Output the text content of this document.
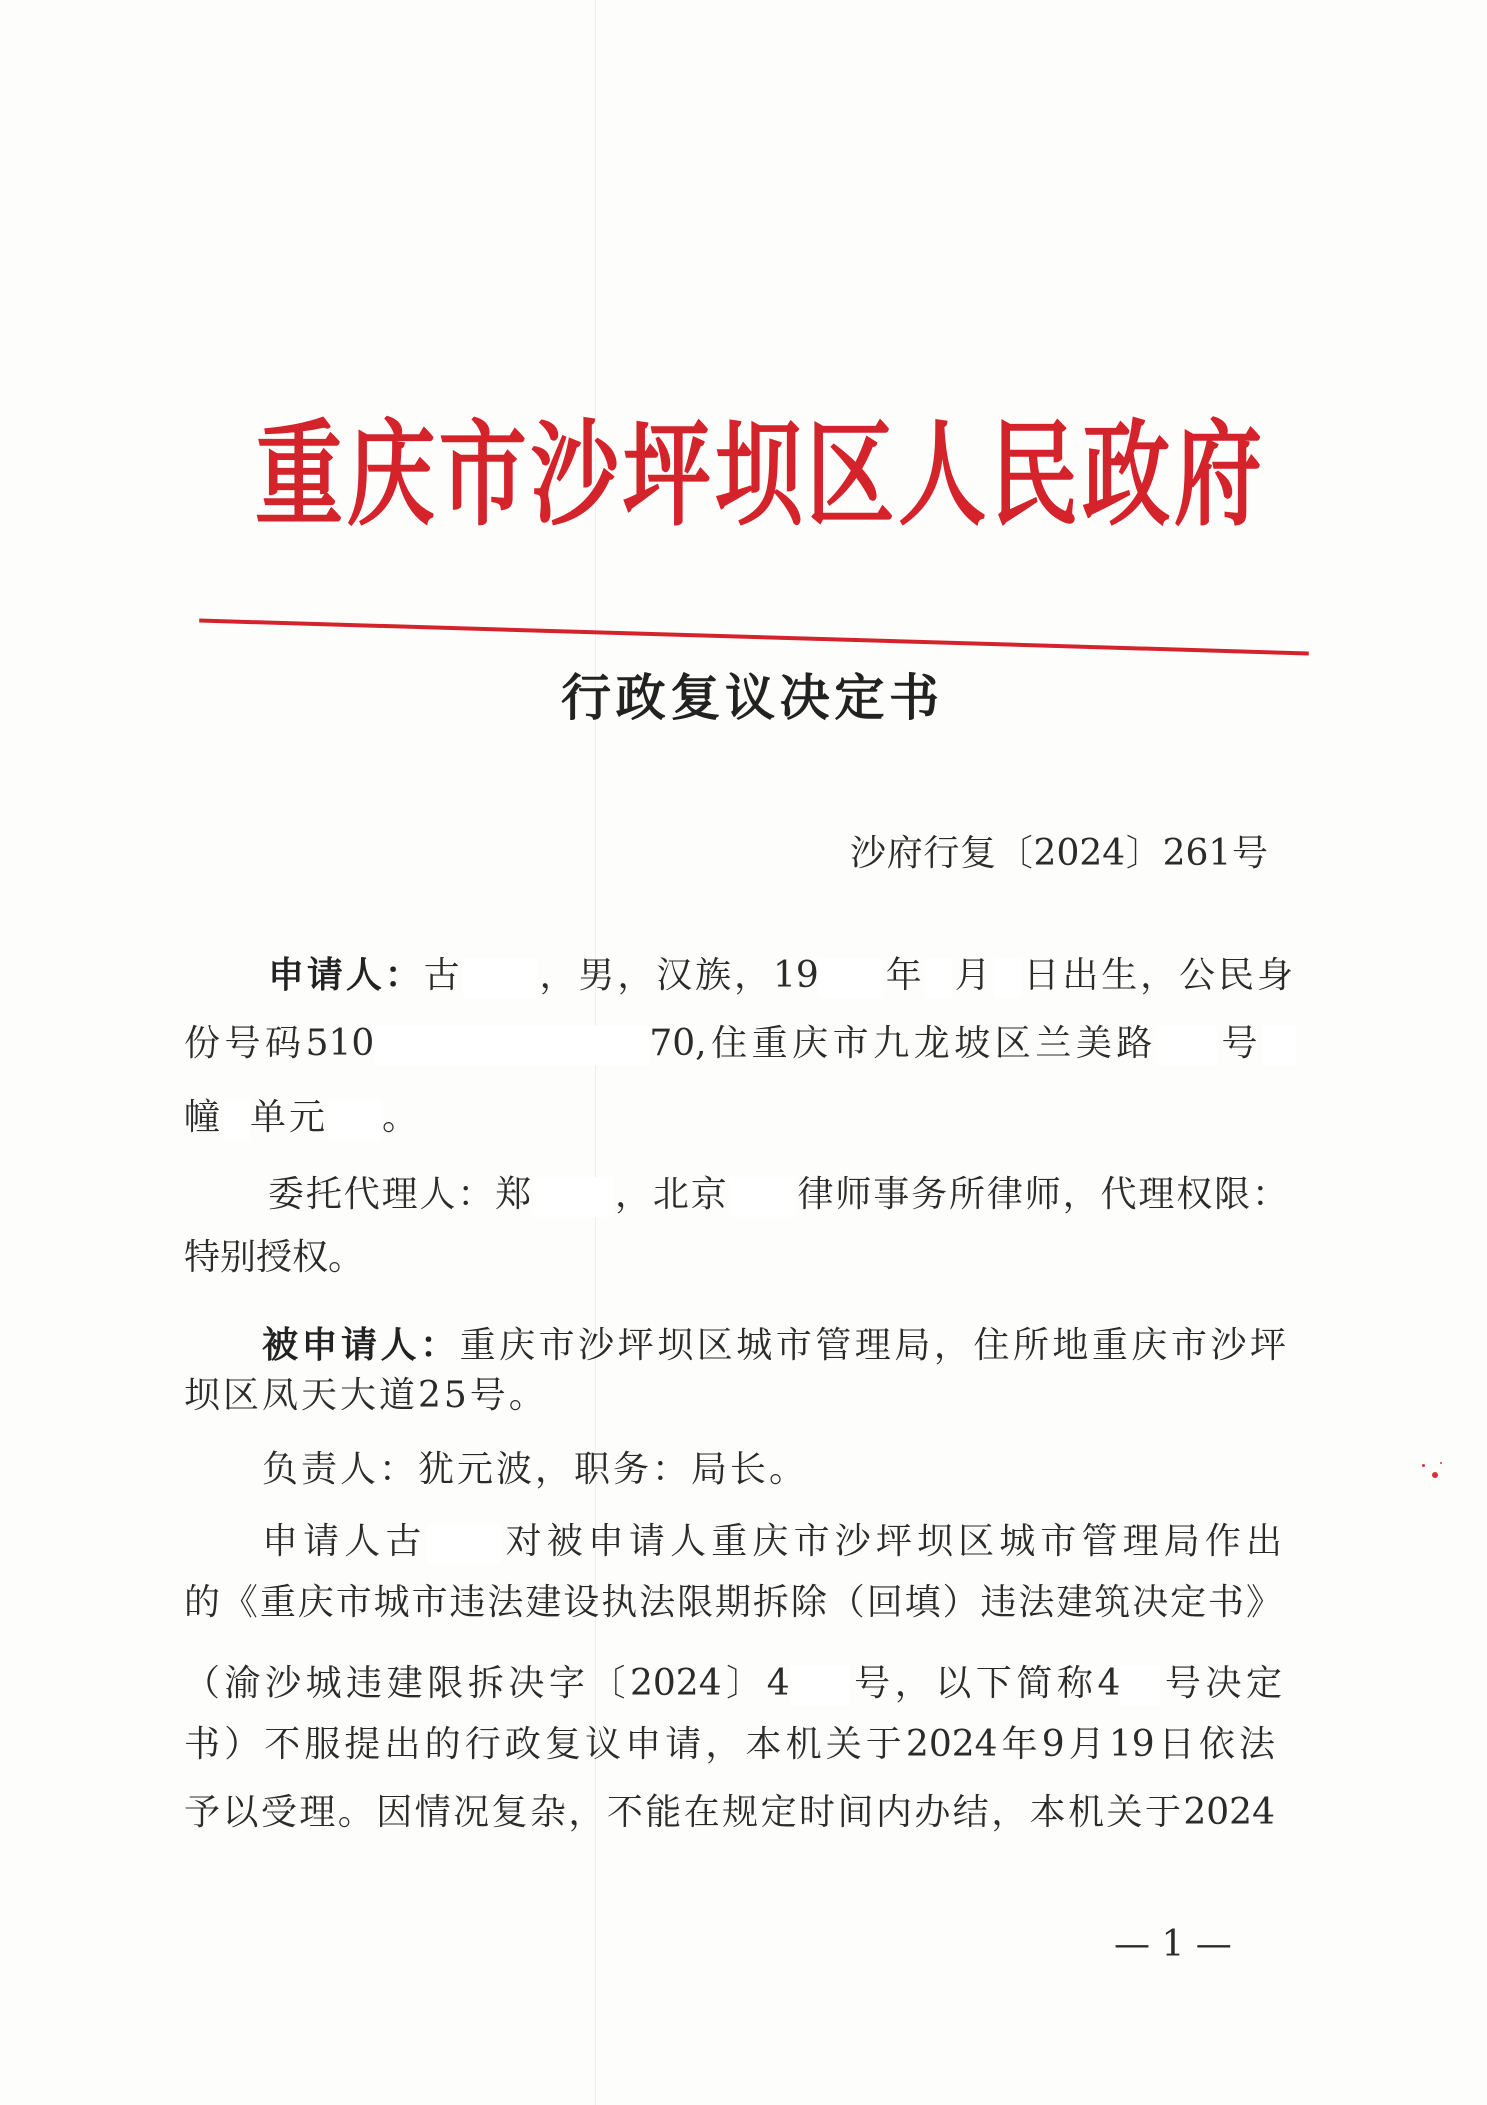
重庆市沙坪坝区人民政府
行政复议决定书
沙府行复〔2024〕261号
申请人：古 ，男，汉族，19 年 月 日出生，公民身
份号码510	70,住重庆市九龙坡区兰美路 号
幢 单元 。
委托代理人：郑 ，北京 律师事务所律师，代理权限：
特别授权。
被申请人：重庆市沙坪坝区城市管理局，住所地重庆市沙坪
坝区凤天大道25号。
负责人：犹元波，职务：局长。
申请人古 对被申请人重庆市沙坪坝区城市管理局作出
的《重庆市城市违法建设执法限期拆除（回填）违法建筑决定书》
（渝沙城违建限拆决字〔2024〕4 号，以下简称4 号决定
书）不服提出的行政复议申请，本机关于2024年9月19日依法
予以受理。因情况复杂，不能在规定时间内办结，本机关于2024
— 1 —
